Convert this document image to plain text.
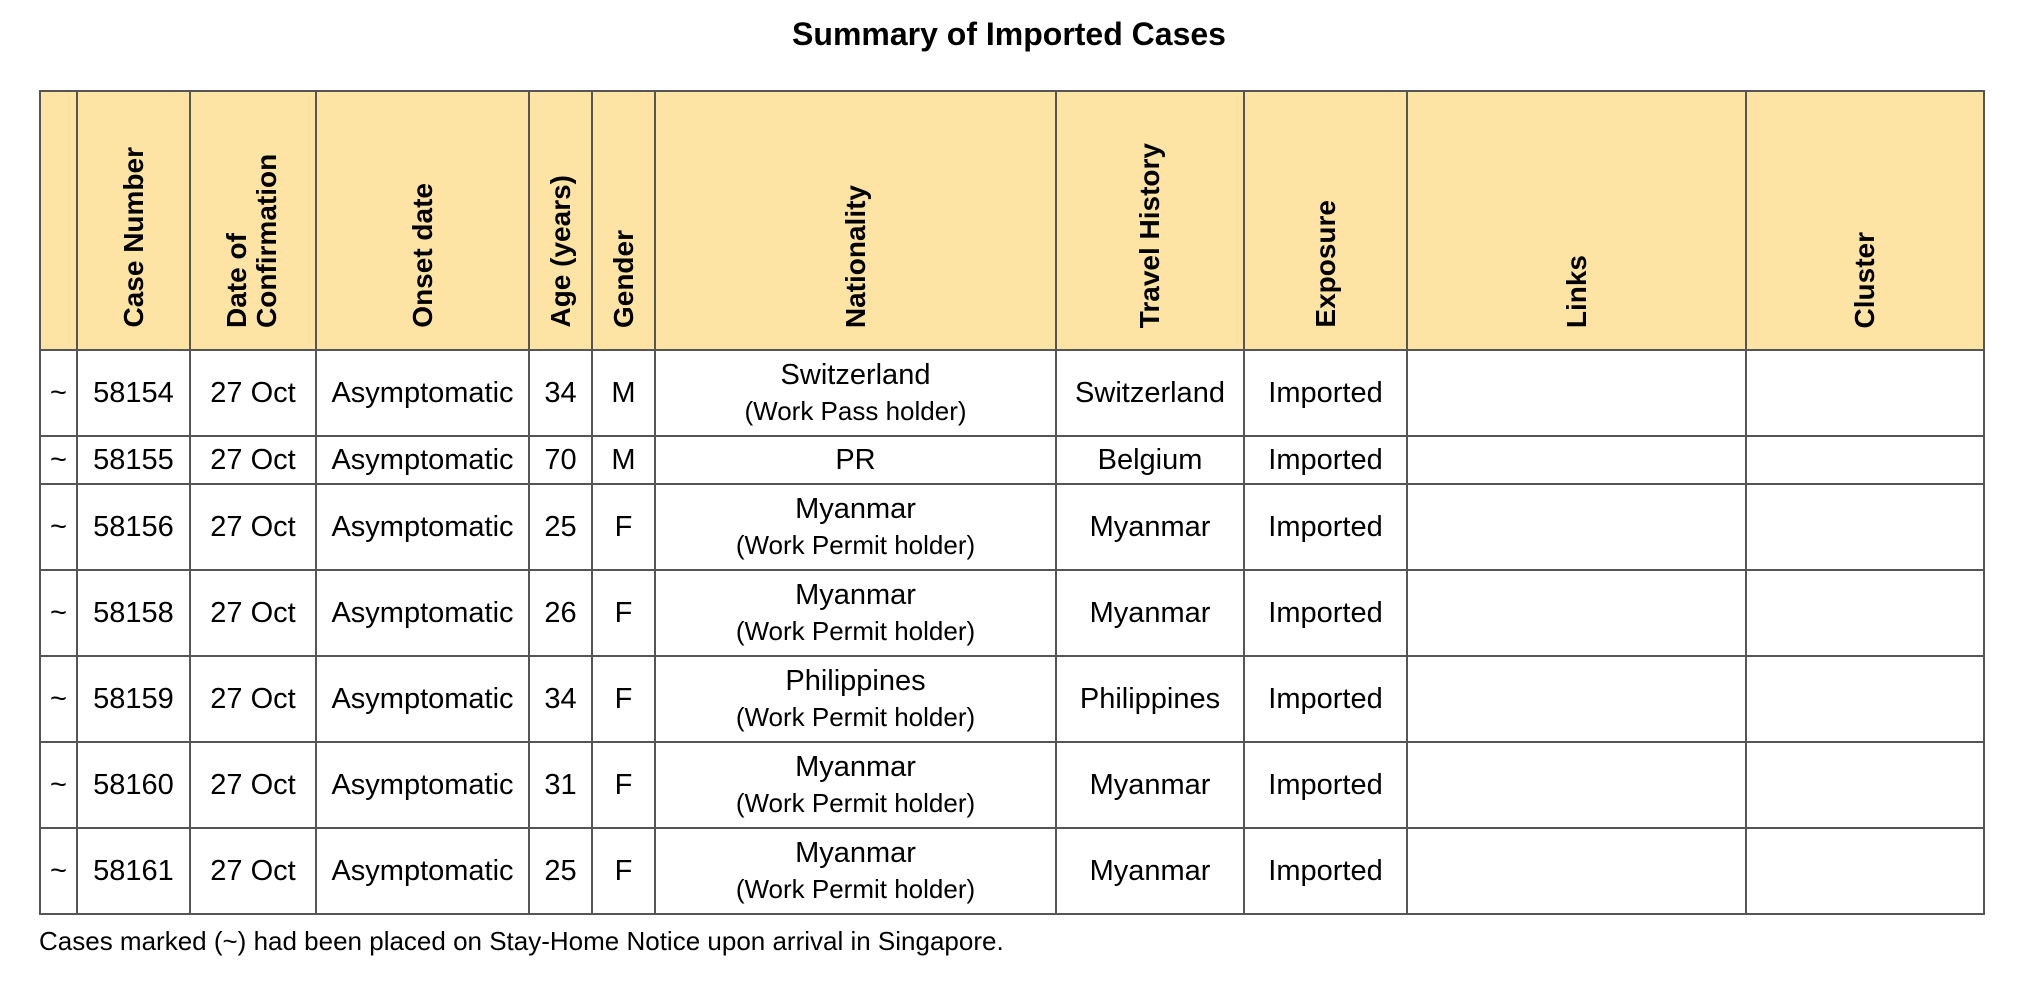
Summary of Imported Cases
	Case Number	Date of Confirmation	Onset date	Age (years)	Gender	Nationality	Travel History	Exposure	Links	Cluster
~	58154	27 Oct	Asymptomatic	34	M	Switzerland
(Work Pass holder)	Switzerland	Imported		
~	58155	27 Oct	Asymptomatic	70	M	PR	Belgium	Imported		
~	58156	27 Oct	Asymptomatic	25	F	Myanmar
(Work Permit holder)	Myanmar	Imported		
~	58158	27 Oct	Asymptomatic	26	F	Myanmar
(Work Permit holder)	Myanmar	Imported		
~	58159	27 Oct	Asymptomatic	34	F	Philippines
(Work Permit holder)	Philippines	Imported		
~	58160	27 Oct	Asymptomatic	31	F	Myanmar
(Work Permit holder)	Myanmar	Imported		
~	58161	27 Oct	Asymptomatic	25	F	Myanmar
(Work Permit holder)	Myanmar	Imported		
Cases marked (~) had been placed on Stay-Home Notice upon arrival in Singapore.
